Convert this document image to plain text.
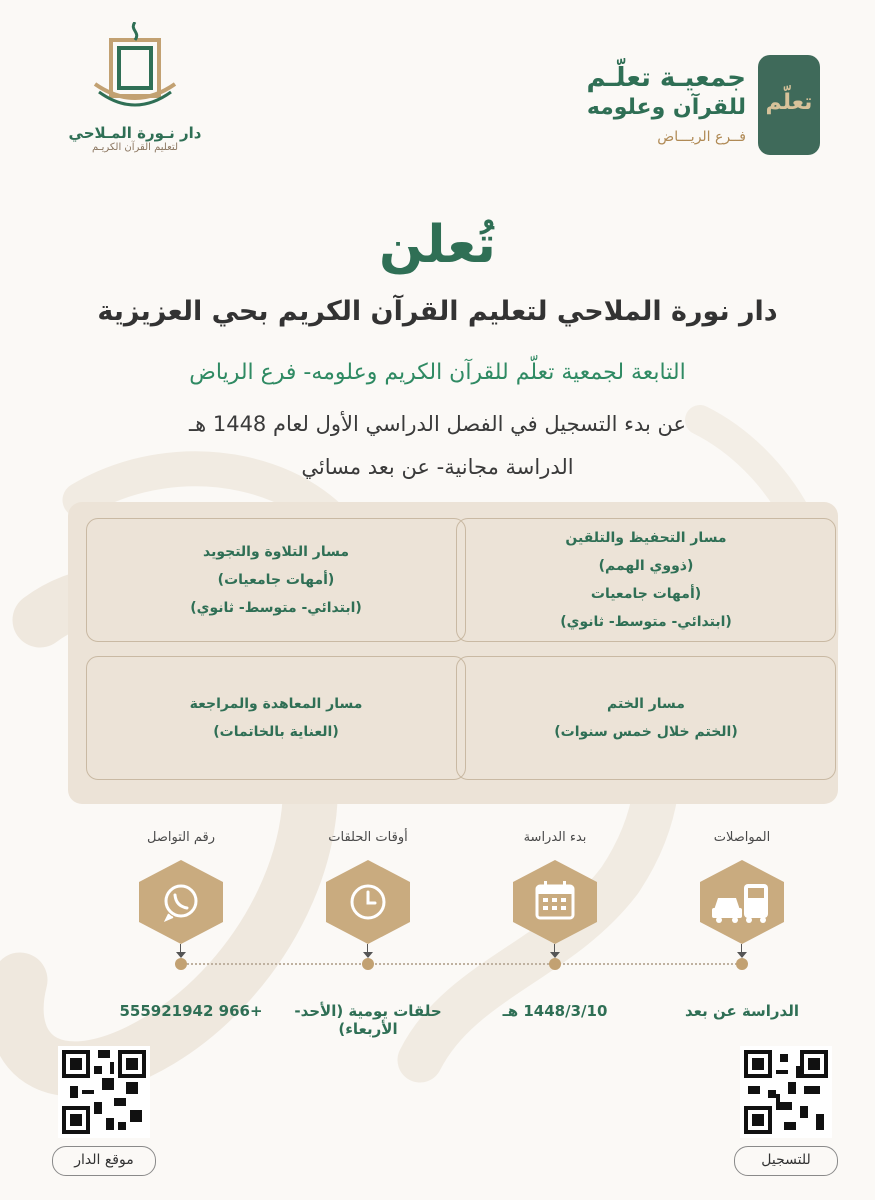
دار نـورة المـلاحي
لتعليم القرآن الكريـم
تعلّم
جمعيـة تعلّـم
للقرآن وعلومه
فــرع الريـــاض
تُعلن
دار نورة الملاحي لتعليم القرآن الكريم بحي العزيزية
التابعة لجمعية تعلّم للقرآن الكريم وعلومه- فرع الرياض
عن بدء التسجيل في الفصل الدراسي الأول لعام 1448 هـ
الدراسة مجانية- عن بعد مسائي
مسار التحفيظ والتلقين
(ذووي الهمم)
(أمهات جامعيات
(ابتدائي- متوسط- ثانوي)
مسار التلاوة والتجويد
(أمهات جامعيات)
(ابتدائي- متوسط- ثانوي)
مسار الختم
(الختم خلال خمس سنوات)
مسار المعاهدة والمراجعة
(العناية بالخاتمات)
المواصلات
بدء الدراسة
أوقات الحلقات
رقم التواصل
الدراسة عن بعد
1448/3/10 هـ
حلقات يومية (الأحد- الأربعاء)
+966 555921942
للتسجيل
موقع الدار
